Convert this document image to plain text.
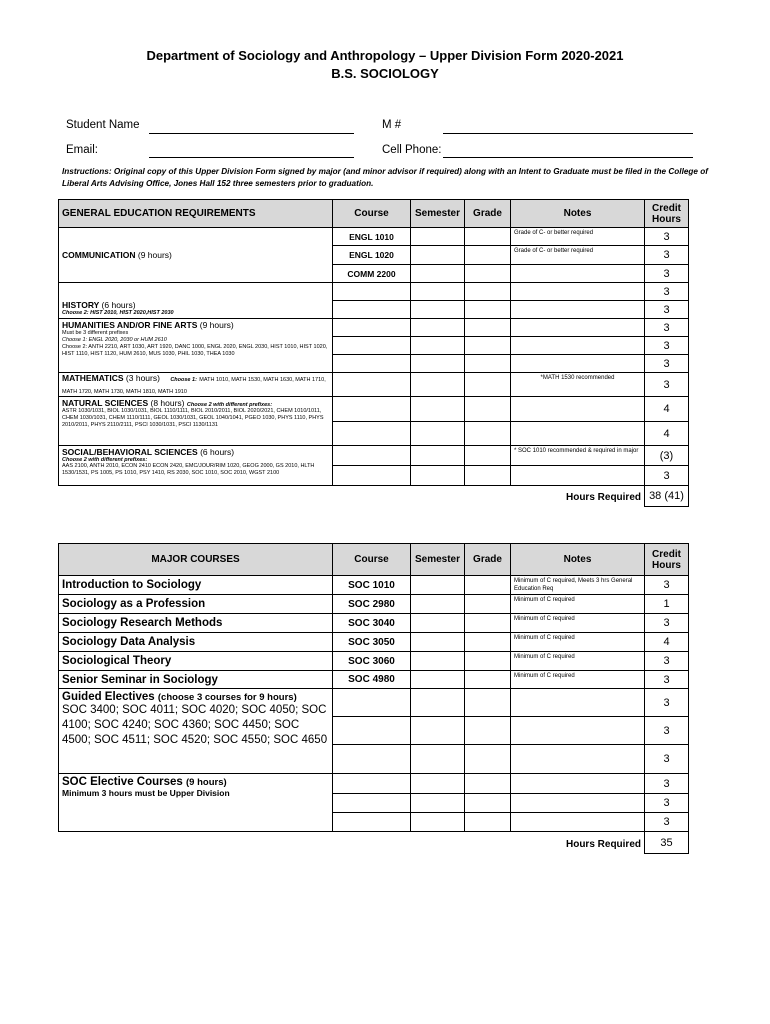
Department of Sociology and Anthropology – Upper Division Form 2020-2021
B.S. SOCIOLOGY
Student Name	M #
Email:	Cell Phone:
Instructions: Original copy of this Upper Division Form signed by major (and minor advisor if required) along with an Intent to Graduate must be filed in the College of Liberal Arts Advising Office, Jones Hall 152 three semesters prior to graduation.
GENERAL EDUCATION REQUIREMENTS	Course	Semester	Grade	Notes	Credit Hours
COMMUNICATION (9 hours)	ENGL 1010			Grade of C- or better required	3
	ENGL 1020			Grade of C- or better required	3
	COMM 2200				3

HISTORY (6 hours)
Choose 2: HIST 2010, HIST 2020,HIST 2030					3
					3

HUMANITIES AND/OR FINE ARTS (9 hours)
Must be 3 different prefixes
Choose 1: ENGL 2020, 2030 or HUM 2610
Choose 2: ANTH 2210, ART 1030, ART 1920, DANC 1000, ENGL 2020, ENGL 2030, HIST 1010, HIST 1020, HIST 1110, HIST 1120, HUM 2610, MUS 1030, PHIL 1030, THEA 1030					3
					3
					3

MATHEMATICS (3 hours) Choose 1: MATH 1010, MATH 1530, MATH 1630, MATH 1710, MATH 1720, MATH 1730, MATH 1810, MATH 1910				*MATH 1530 recommended	3

NATURAL SCIENCES (8 hours) Choose 2 with different prefixes:
ASTR 1030/1031, BIOL 1030/1031, BIOL 1110/1111, BIOL 2010/2011, BIOL 2020/2021, CHEM 1010/1011, CHEM 1030/1031, CHEM 1110/1111, GEOL 1030/1031, GEOL 1040/1041, PGEO 1030, PHYS 1110, PHYS 2010/2011, PHYS 2110/2111, PSCI 1030/1031, PSCI 1130/1131					4
					4

SOCIAL/BEHAVIORAL SCIENCES (6 hours)
Choose 2 with different prefixes:
AAS 2100, ANTH 2010, ECON 2410 ECON 2420, EMC/JOUR/RIM 1020, GEOG 2000, GS 2010, HLTH 1530/1531, PS 1005, PS 1010, PSY 1410, RS 2030, SOC 1010, SOC 2010, WGST 2100				* SOC 1010 recommended & required in major	(3)
					3
Hours Required					38 (41)
MAJOR COURSES	Course	Semester	Grade	Notes	Credit Hours
Introduction to Sociology	SOC 1010			Minimum of C required, Meets 3 hrs General Education Req	3
Sociology as a Profession	SOC 2980			Minimum of C required	1
Sociology Research Methods	SOC 3040			Minimum of C required	3
Sociology Data Analysis	SOC 3050			Minimum of C required	4
Sociological Theory	SOC 3060			Minimum of C required	3
Senior Seminar in Sociology	SOC 4980			Minimum of C required	3

Guided Electives (choose 3 courses for 9 hours)
SOC 3400; SOC 4011; SOC 4020; SOC 4050; SOC 4100; SOC 4240; SOC 4360; SOC 4450; SOC 4500; SOC 4511; SOC 4520; SOC 4550; SOC 4650					3
					3
					3

SOC Elective Courses (9 hours)
Minimum 3 hours must be Upper Division					3
					3
					3
Hours Required					35
